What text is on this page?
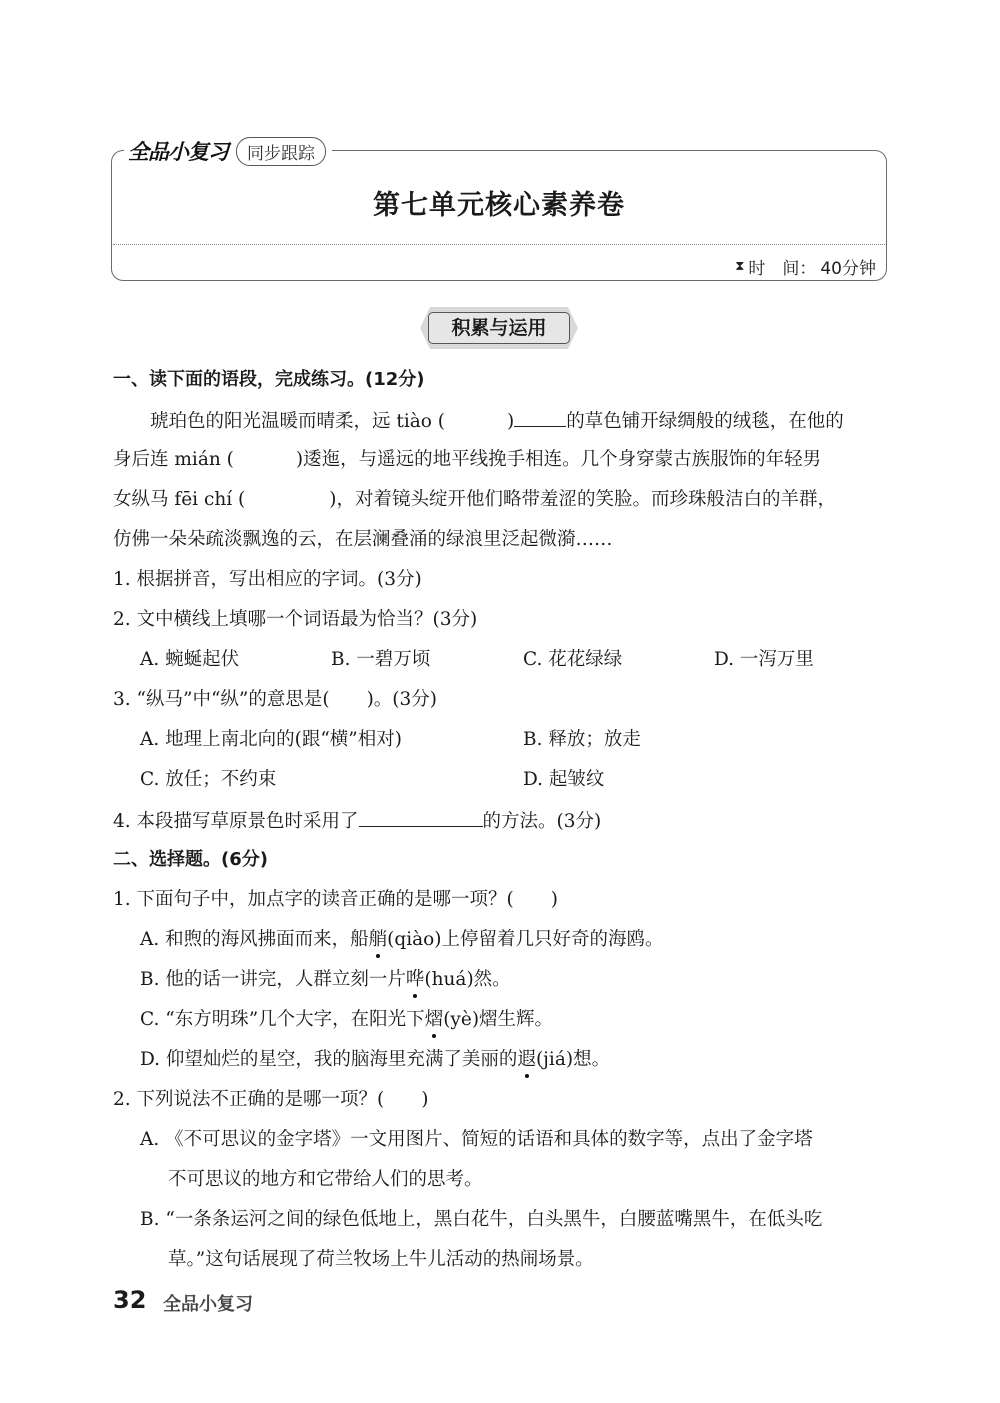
全品小复习	同步跟踪
第七单元核心素养卷
⧗ 时　间： 40分钟
积累与运用
一、读下面的语段，完成练习。(12分)
琥珀色的阳光温暖而晴柔，远 tiào (	)	的草色铺开绿绸般的绒毯，在他的
身后连 mián (	)逶迤，与遥远的地平线挽手相连。几个身穿蒙古族服饰的年轻男
女纵马 fēi chí (	)，对着镜头绽开他们略带羞涩的笑脸。而珍珠般洁白的羊群，
仿佛一朵朵疏淡飘逸的云，在层澜叠涌的绿浪里泛起微漪……
1. 根据拼音，写出相应的字词。(3分)
2. 文中横线上填哪一个词语最为恰当？(3分)
A. 蜿蜒起伏	B. 一碧万顷	C. 花花绿绿	D. 一泻万里
3. “纵马”中“纵”的意思是(　　)。(3分)
A. 地理上南北向的(跟“横”相对)	B. 释放；放走
C. 放任；不约束	D. 起皱纹
4. 本段描写草原景色时采用了	的方法。(3分)
二、选择题。(6分)
1. 下面句子中，加点字的读音正确的是哪一项？(　　)
A. 和煦的海风拂面而来，船艄(qiào)上停留着几只好奇的海鸥。
B. 他的话一讲完，人群立刻一片哗(huá)然。
C. “东方明珠”几个大字，在阳光下熠(yè)熠生辉。
D. 仰望灿烂的星空，我的脑海里充满了美丽的遐(jiá)想。
2. 下列说法不正确的是哪一项？(　　)
A. 《不可思议的金字塔》一文用图片、简短的话语和具体的数字等，点出了金字塔
不可思议的地方和它带给人们的思考。
B. “一条条运河之间的绿色低地上，黑白花牛，白头黑牛，白腰蓝嘴黑牛，在低头吃
草。”这句话展现了荷兰牧场上牛儿活动的热闹场景。
32 全品小复习
